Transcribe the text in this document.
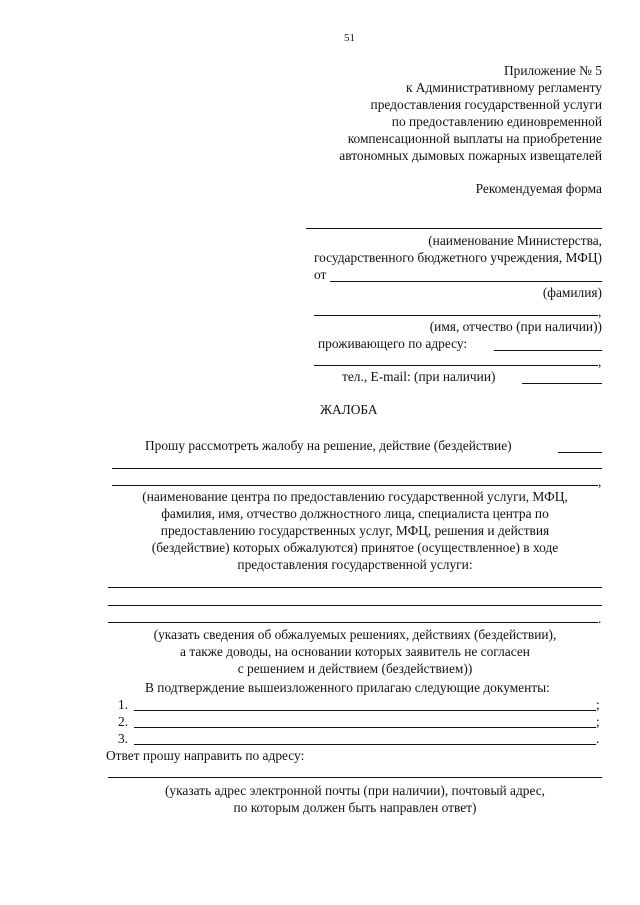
51
Приложение № 5
к Административному регламенту
предоставления государственной услуги
по предоставлению единовременной
компенсационной выплаты на приобретение
автономных дымовых пожарных извещателей
Рекомендуемая форма
(наименование Министерства,
государственного бюджетного учреждения, МФЦ)
от
(фамилия)
,
(имя, отчество (при наличии))
проживающего по адресу:
,
тел., E-mail: (при наличии)
ЖАЛОБА
Прошу рассмотреть жалобу на решение, действие (бездействие)
,
(наименование центра по предоставлению государственной услуги, МФЦ,
фамилия, имя, отчество должностного лица, специалиста центра по
предоставлению государственных услуг, МФЦ, решения и действия
(бездействие) которых обжалуются) принятое (осуществленное) в ходе
предоставления государственной услуги:
.
(указать сведения об обжалуемых решениях, действиях (бездействии),
а также доводы, на основании которых заявитель не согласен
с решением и действием (бездействием))
В подтверждение вышеизложенного прилагаю следующие документы:
1.	;
2.	;
3.	.
Ответ прошу направить по адресу:
(указать адрес электронной почты (при наличии), почтовый адрес,
по которым должен быть направлен ответ)
